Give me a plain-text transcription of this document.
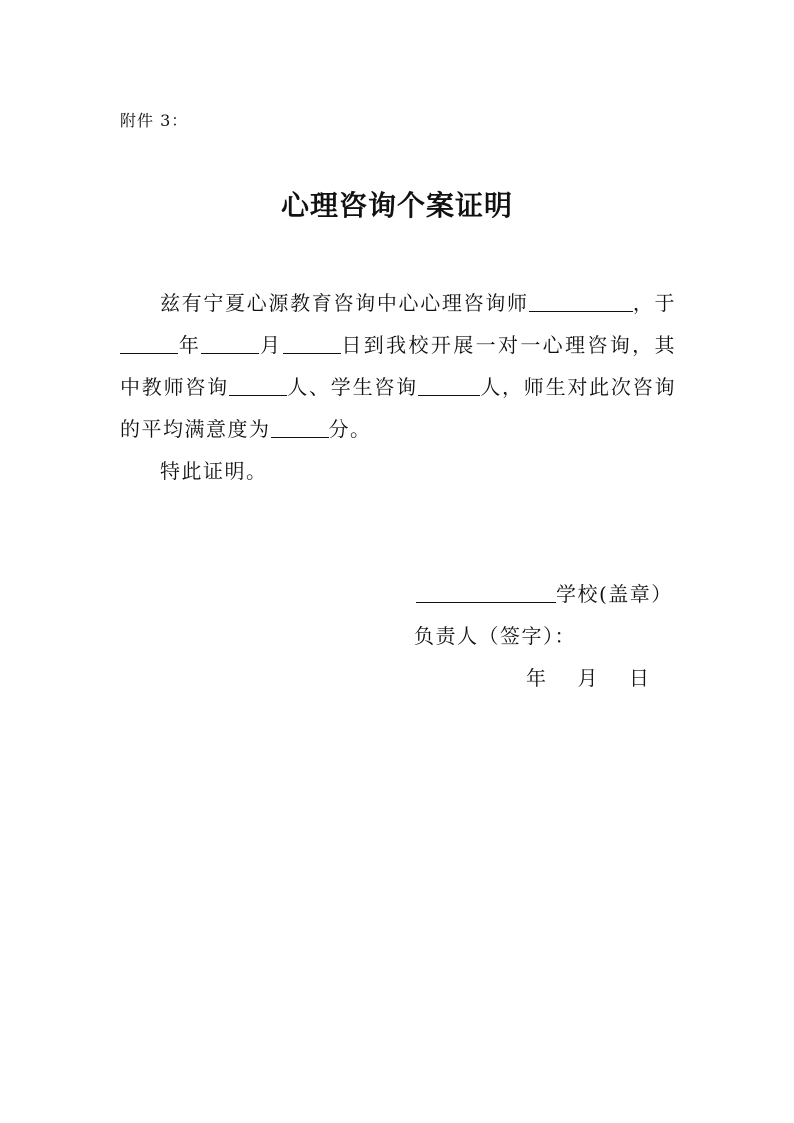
附件 3：
心理咨询个案证明

兹有宁夏心源教育咨询中心心理咨询师	，于

年	月	日到我校开展一对一心理咨询，其

中教师咨询	人、学生咨询	人，师生对此次咨询

的平均满意度为	分。

特此证明。

学校(盖章）
负责人（签字）：
年 月 日
